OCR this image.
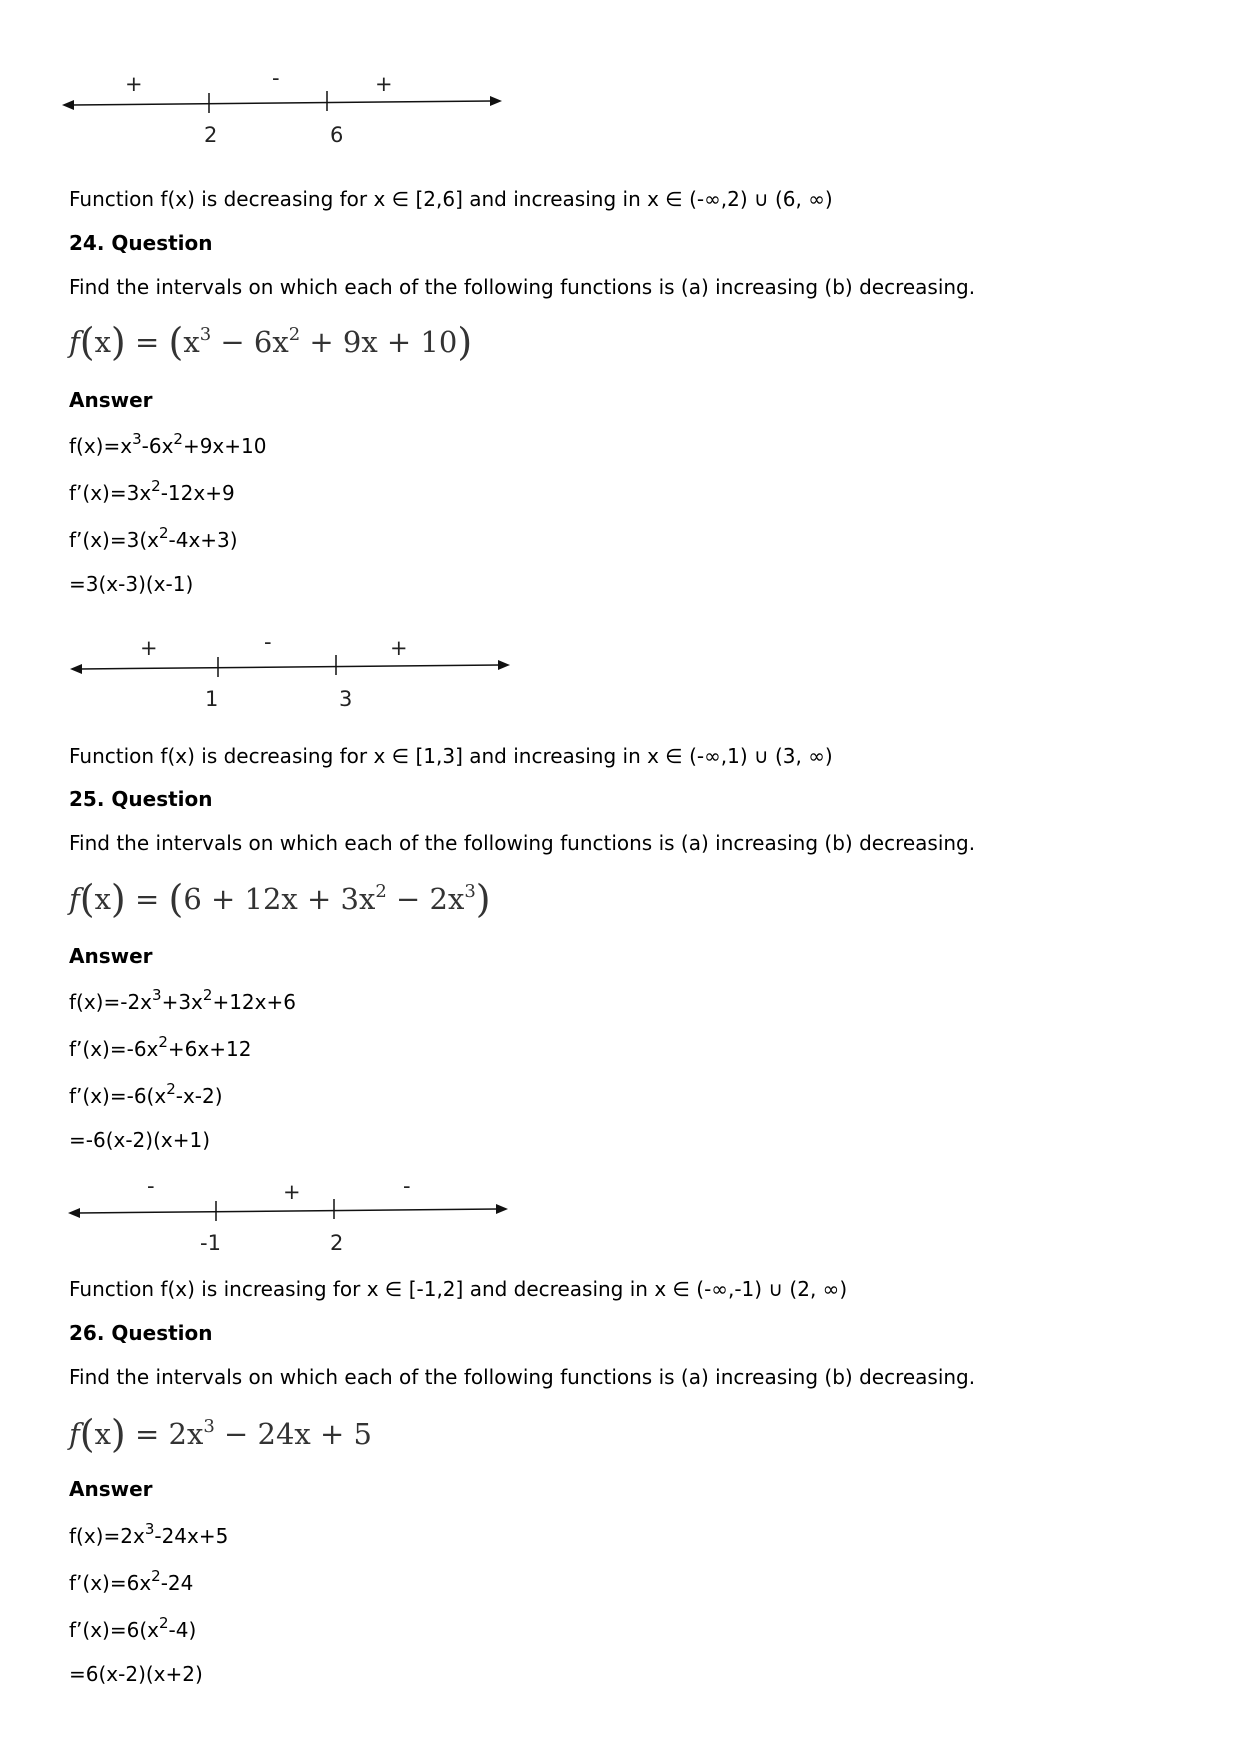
+	-	+
2	6
Function f(x) is decreasing for x ∈ [2,6] and increasing in x ∈ (-∞,2) ∪ (6, ∞)
24. Question
Find the intervals on which each of the following functions is (a) increasing (b) decreasing.
$f(x) = (x^3 - 6x^2 + 9x + 10)$
Answer
$f(x)=x^3-6x^2+9x+10$
$f’(x)=3x^2-12x+9$
$f’(x)=3(x^2-4x+3)$
=3(x-3)(x-1)
+	-	+
1	3
Function f(x) is decreasing for x ∈ [1,3] and increasing in x ∈ (-∞,1) ∪ (3, ∞)
25. Question
Find the intervals on which each of the following functions is (a) increasing (b) decreasing.
$f(x) = (6 + 12x + 3x^2 - 2x^3)$
Answer
$f(x)=-2x^3+3x^2+12x+6$
$f’(x)=-6x^2+6x+12$
$f’(x)=-6(x^2-x-2)$
=-6(x-2)(x+1)
-	+	-
-1	2
Function f(x) is increasing for x ∈ [-1,2] and decreasing in x ∈ (-∞,-1) ∪ (2, ∞)
26. Question
Find the intervals on which each of the following functions is (a) increasing (b) decreasing.
$f(x) = 2x^3 - 24x + 5$
Answer
$f(x)=2x^3-24x+5$
$f’(x)=6x^2-24$
$f’(x)=6(x^2-4)$
=6(x-2)(x+2)
